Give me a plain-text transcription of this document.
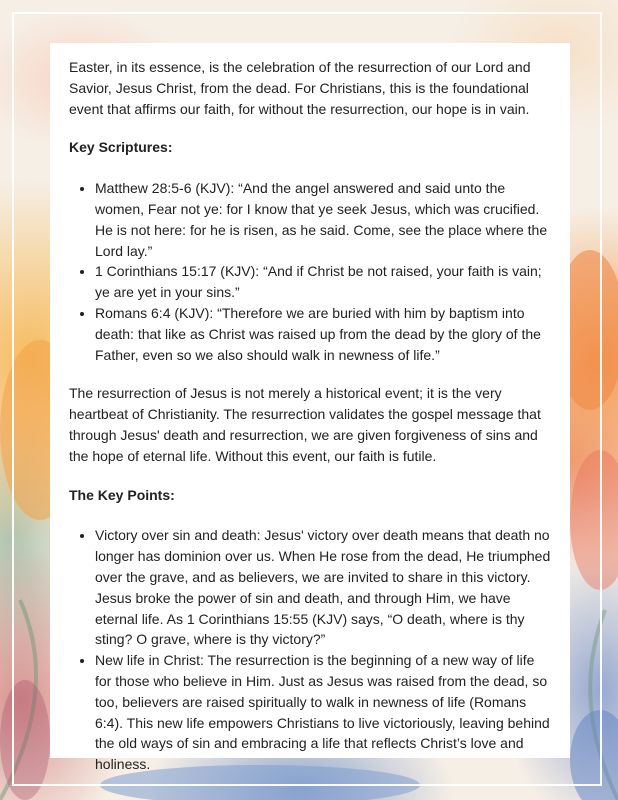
Easter, in its essence, is the celebration of the resurrection of our Lord and Savior, Jesus Christ, from the dead. For Christians, this is the foundational event that affirms our faith, for without the resurrection, our hope is in vain.

Key Scriptures:

• Matthew 28:5-6 (KJV): “And the angel answered and said unto the women, Fear not ye: for I know that ye seek Jesus, which was crucified. He is not here: for he is risen, as he said. Come, see the place where the Lord lay.”
• 1 Corinthians 15:17 (KJV): “And if Christ be not raised, your faith is vain; ye are yet in your sins.”
• Romans 6:4 (KJV): “Therefore we are buried with him by baptism into death: that like as Christ was raised up from the dead by the glory of the Father, even so we also should walk in newness of life.”

The resurrection of Jesus is not merely a historical event; it is the very heartbeat of Christianity. The resurrection validates the gospel message that through Jesus' death and resurrection, we are given forgiveness of sins and the hope of eternal life. Without this event, our faith is futile.

The Key Points:

• Victory over sin and death: Jesus' victory over death means that death no longer has dominion over us. When He rose from the dead, He triumphed over the grave, and as believers, we are invited to share in this victory. Jesus broke the power of sin and death, and through Him, we have eternal life. As 1 Corinthians 15:55 (KJV) says, “O death, where is thy sting? O grave, where is thy victory?”
• New life in Christ: The resurrection is the beginning of a new way of life for those who believe in Him. Just as Jesus was raised from the dead, so too, believers are raised spiritually to walk in newness of life (Romans 6:4). This new life empowers Christians to live victoriously, leaving behind the old ways of sin and embracing a life that reflects Christ’s love and holiness.
